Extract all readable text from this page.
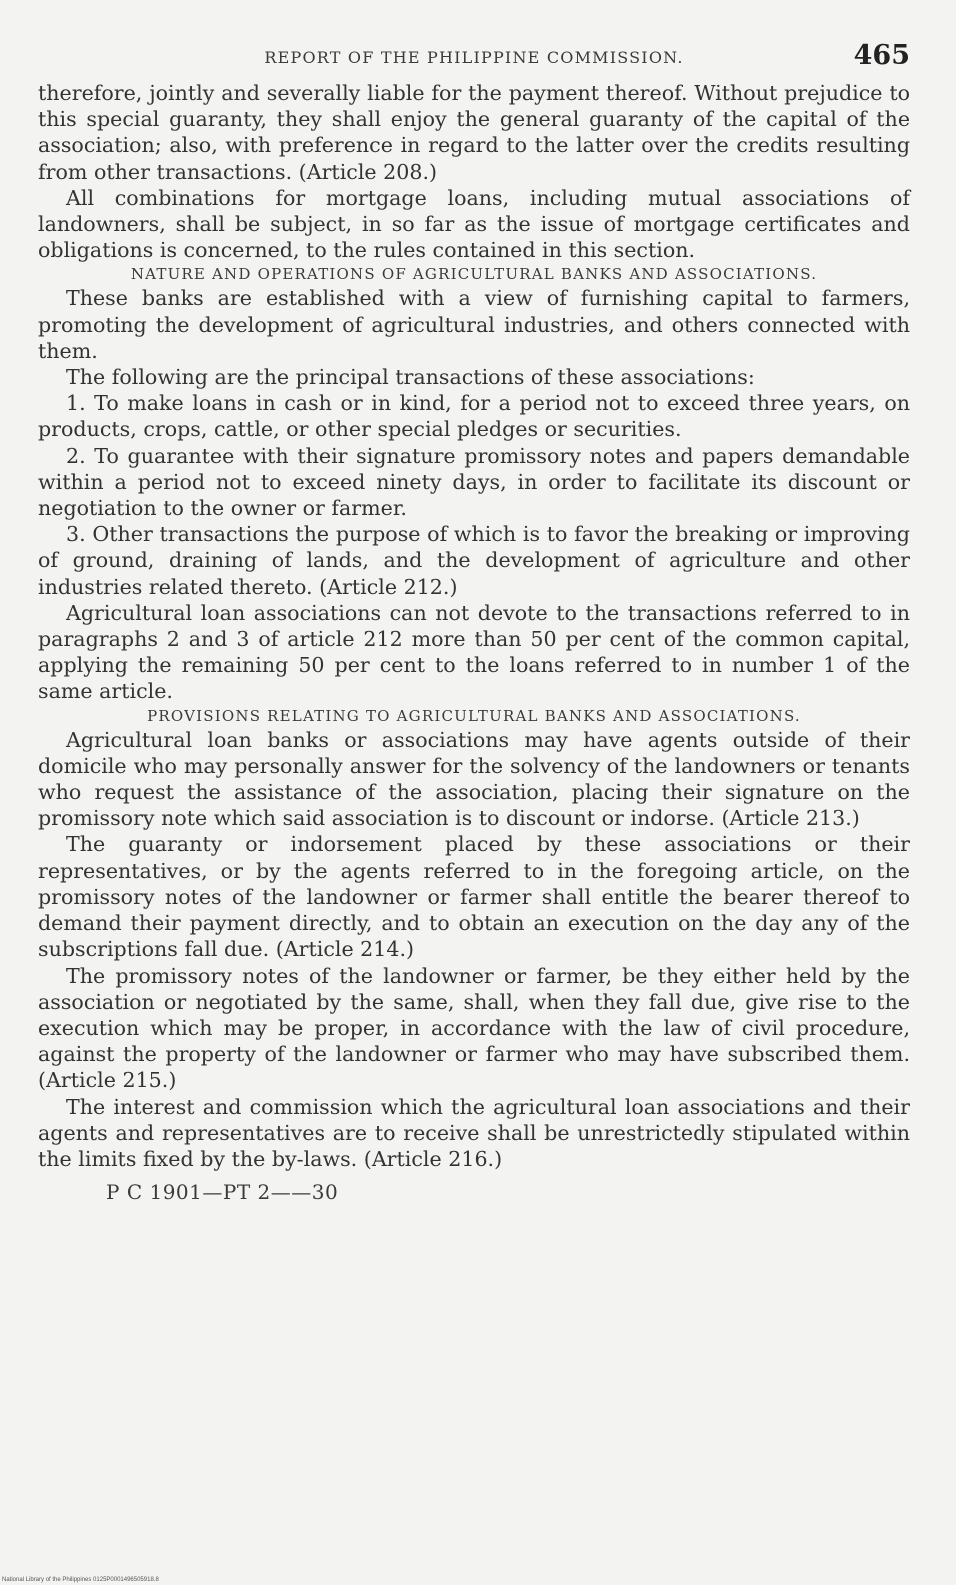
REPORT OF THE PHILIPPINE COMMISSION.	465

therefore, jointly and severally liable for the payment thereof. Without prejudice to this special guaranty, they shall enjoy the general guaranty of the capital of the association; also, with preference in regard to the latter over the credits resulting from other transactions. (Article 208.)

All combinations for mortgage loans, including mutual associations of landowners, shall be subject, in so far as the issue of mortgage certificates and obligations is concerned, to the rules contained in this section.

NATURE AND OPERATIONS OF AGRICULTURAL BANKS AND ASSOCIATIONS.

These banks are established with a view of furnishing capital to farmers, promoting the development of agricultural industries, and others connected with them.

The following are the principal transactions of these associations:

1. To make loans in cash or in kind, for a period not to exceed three years, on products, crops, cattle, or other special pledges or securities.

2. To guarantee with their signature promissory notes and papers demandable within a period not to exceed ninety days, in order to facilitate its discount or negotiation to the owner or farmer.

3. Other transactions the purpose of which is to favor the breaking or improving of ground, draining of lands, and the development of agriculture and other industries related thereto. (Article 212.)

Agricultural loan associations can not devote to the transactions referred to in paragraphs 2 and 3 of article 212 more than 50 per cent of the common capital, applying the remaining 50 per cent to the loans referred to in number 1 of the same article.

PROVISIONS RELATING TO AGRICULTURAL BANKS AND ASSOCIATIONS.

Agricultural loan banks or associations may have agents outside of their domicile who may personally answer for the solvency of the landowners or tenants who request the assistance of the association, placing their signature on the promissory note which said association is to discount or indorse. (Article 213.)

The guaranty or indorsement placed by these associations or their representatives, or by the agents referred to in the foregoing article, on the promissory notes of the landowner or farmer shall entitle the bearer thereof to demand their payment directly, and to obtain an execution on the day any of the subscriptions fall due. (Article 214.)

The promissory notes of the landowner or farmer, be they either held by the association or negotiated by the same, shall, when they fall due, give rise to the execution which may be proper, in accordance with the law of civil procedure, against the property of the landowner or farmer who may have subscribed them. (Article 215.)

The interest and commission which the agricultural loan associations and their agents and representatives are to receive shall be unrestrictedly stipulated within the limits fixed by the by-laws. (Article 216.)

P C 1901—PT 2——30
National Library of the Philippines 0125P0001496505918.8
